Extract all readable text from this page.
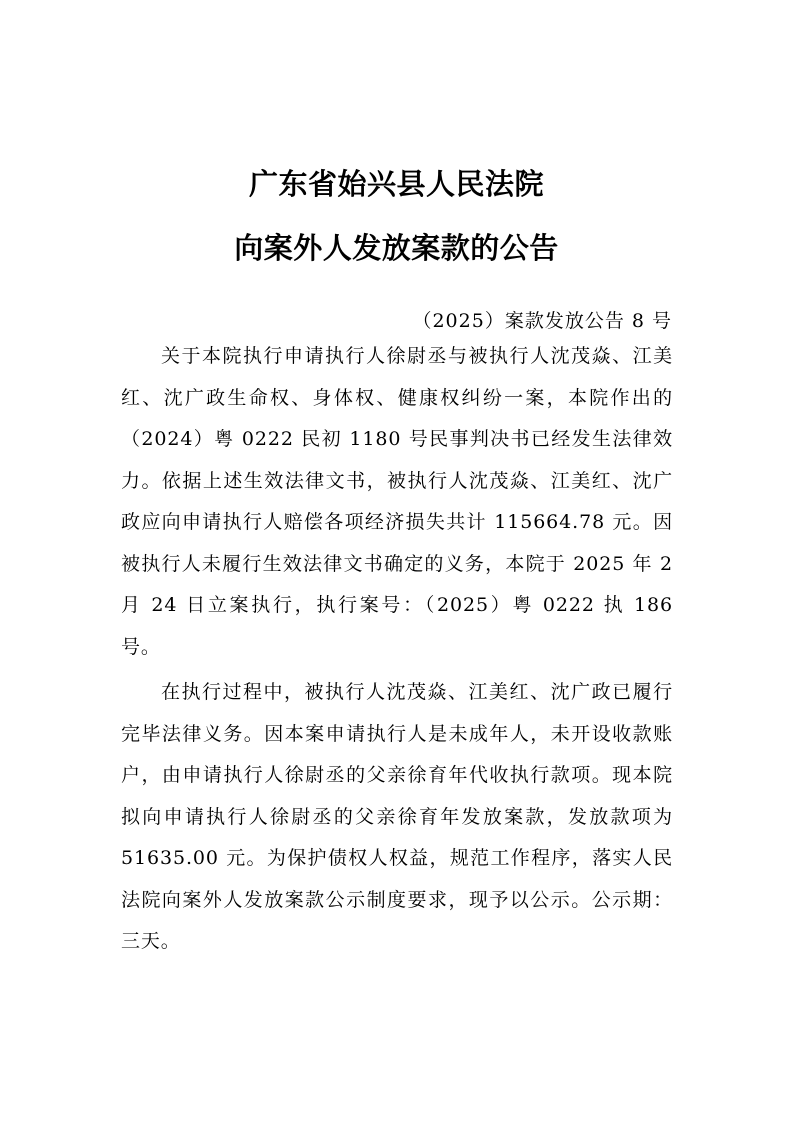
广东省始兴县人民法院
向案外人发放案款的公告
（2025）案款发放公告 8 号

关于本院执行申请执行人徐尉丞与被执行人沈茂焱、江美红、沈广政生命权、身体权、健康权纠纷一案，本院作出的（2024）粤 0222 民初 1180 号民事判决书已经发生法律效力。依据上述生效法律文书，被执行人沈茂焱、江美红、沈广政应向申请执行人赔偿各项经济损失共计 115664.78 元。因被执行人未履行生效法律文书确定的义务，本院于 2025 年 2 月 24 日立案执行，执行案号：（2025）粤 0222 执 186 号。

在执行过程中，被执行人沈茂焱、江美红、沈广政已履行完毕法律义务。因本案申请执行人是未成年人，未开设收款账户，由申请执行人徐尉丞的父亲徐育年代收执行款项。现本院拟向申请执行人徐尉丞的父亲徐育年发放案款，发放款项为 51635.00 元。为保护债权人权益，规范工作程序，落实人民法院向案外人发放案款公示制度要求，现予以公示。公示期：三天。
